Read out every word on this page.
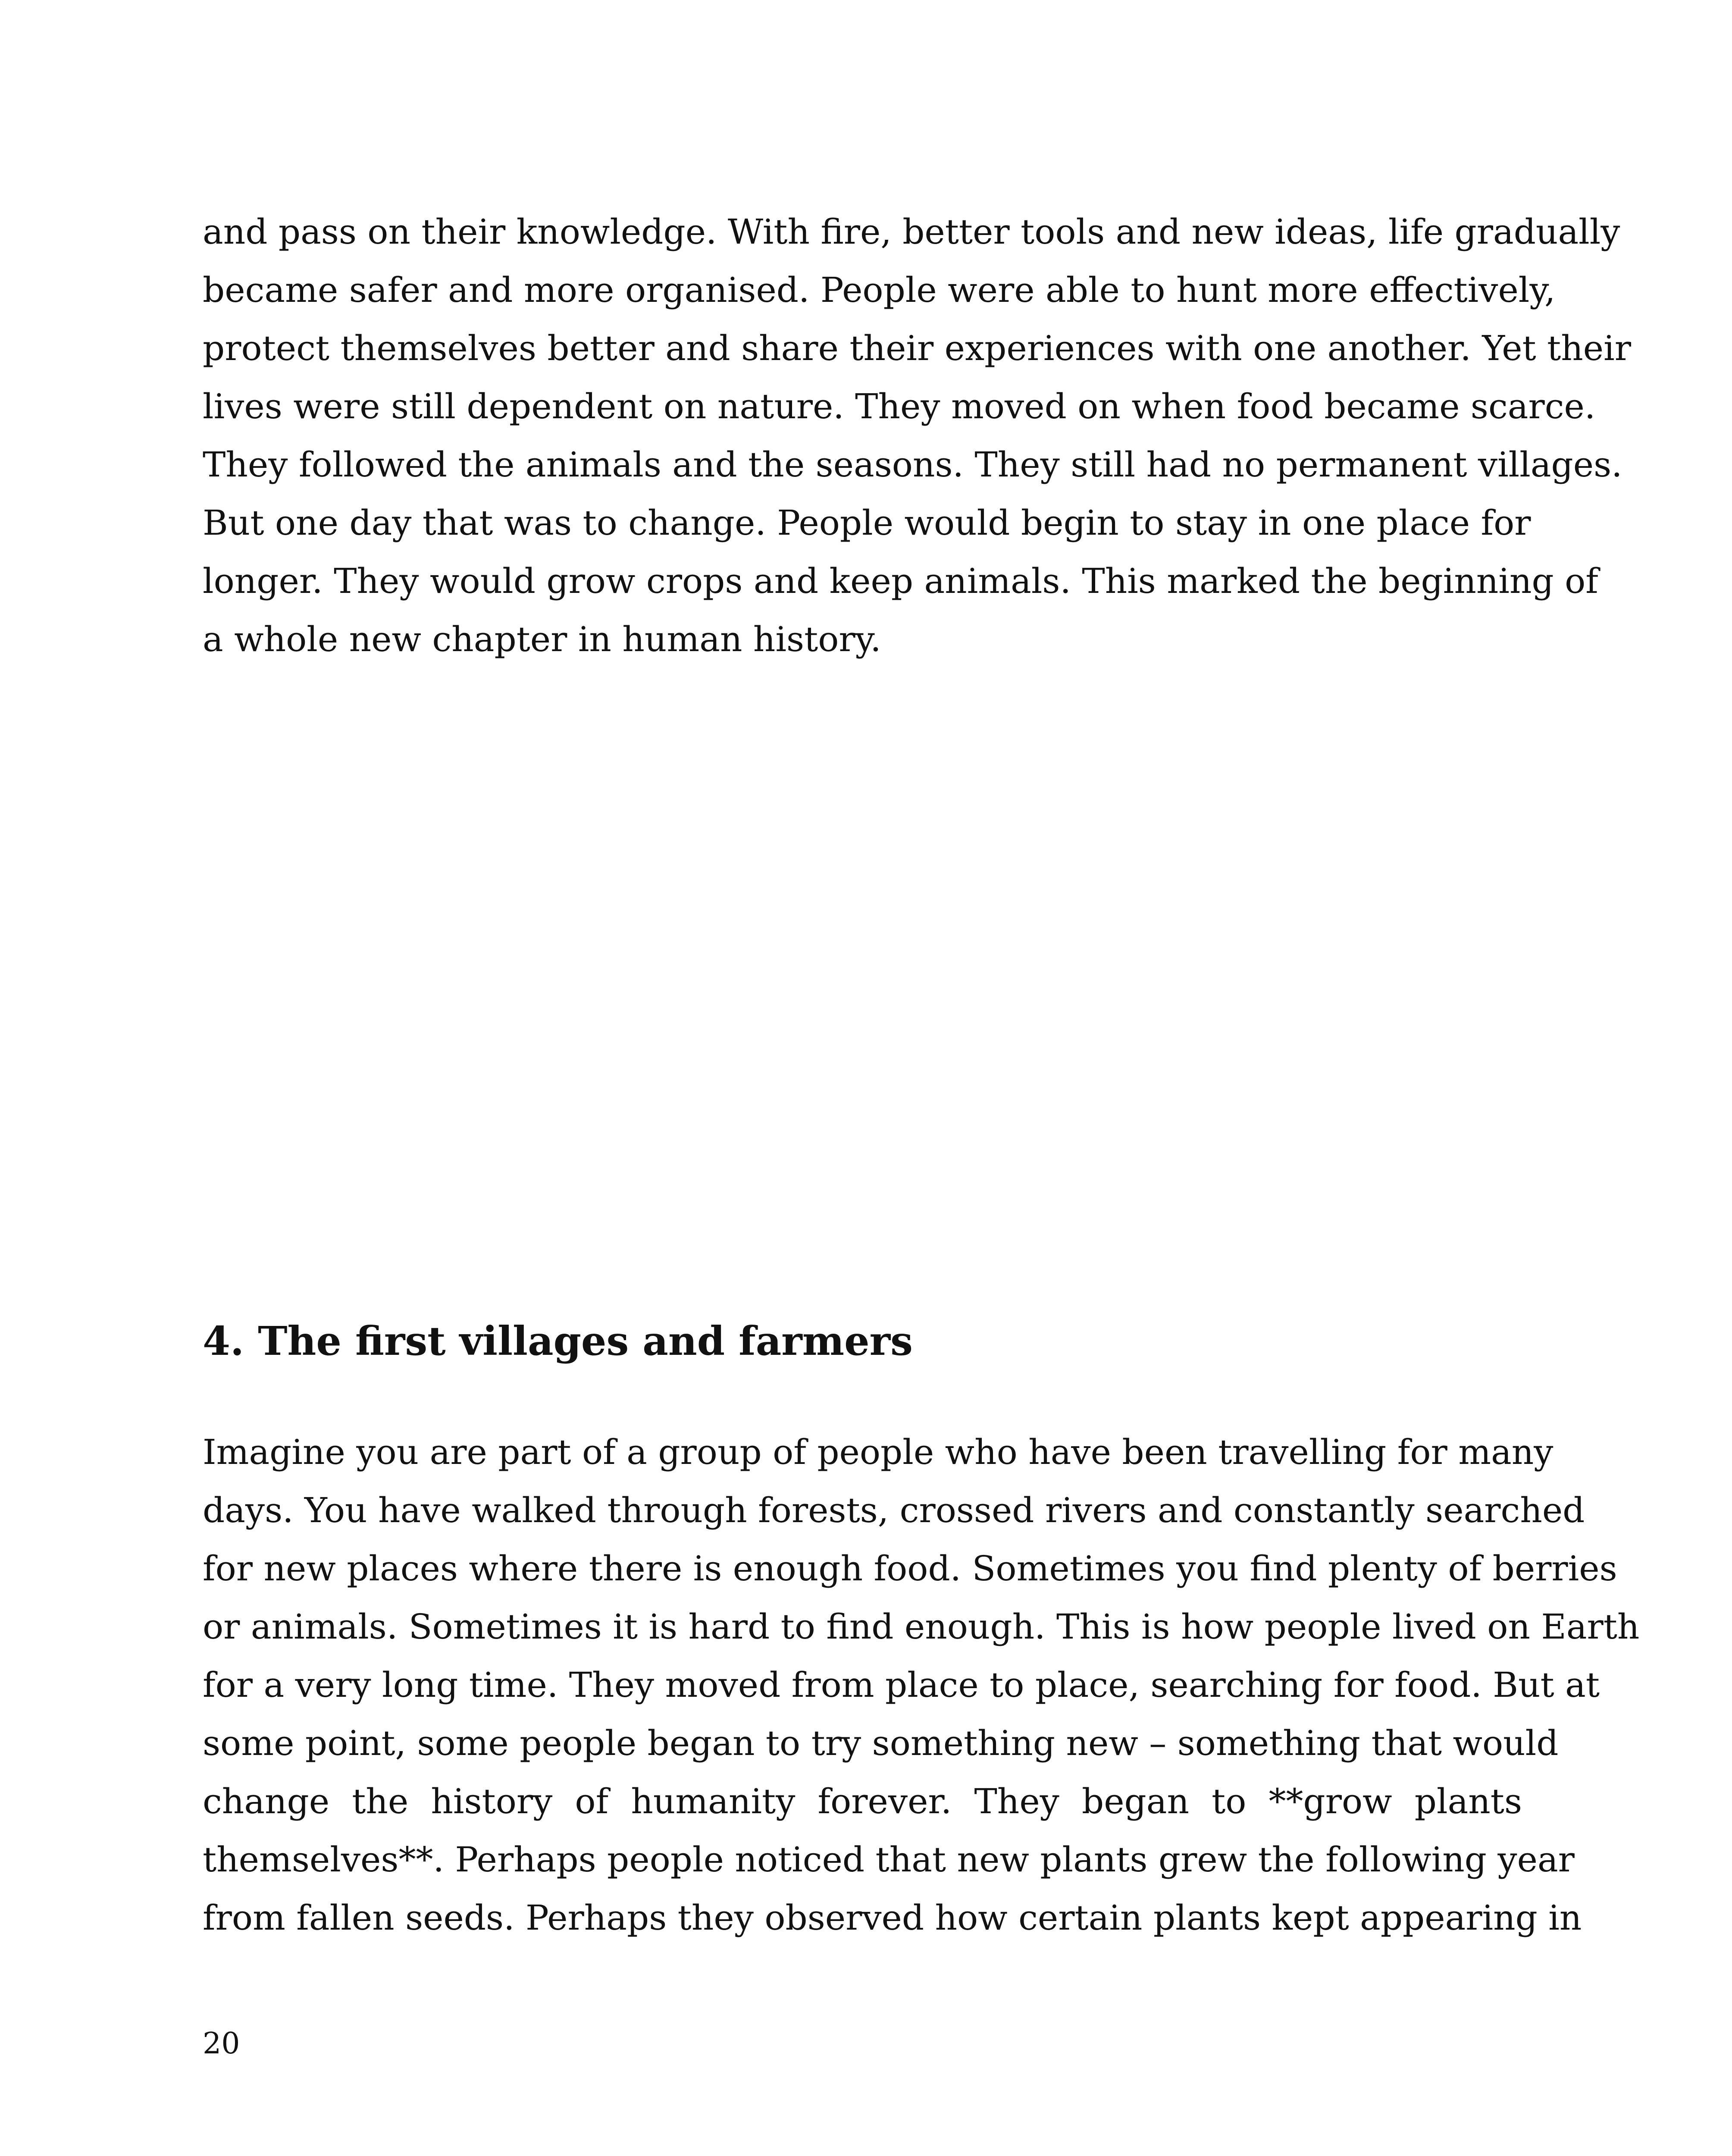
and pass on their knowledge. With fire, better tools and new ideas, life gradually
became safer and more organised. People were able to hunt more effectively,
protect themselves better and share their experiences with one another. Yet their
lives were still dependent on nature. They moved on when food became scarce.
They followed the animals and the seasons. They still had no permanent villages.
But one day that was to change. People would begin to stay in one place for
longer. They would grow crops and keep animals. This marked the beginning of
a whole new chapter in human history.
4. The first villages and farmers
Imagine you are part of a group of people who have been travelling for many
days. You have walked through forests, crossed rivers and constantly searched
for new places where there is enough food. Sometimes you find plenty of berries
or animals. Sometimes it is hard to find enough. This is how people lived on Earth
for a very long time. They moved from place to place, searching for food. But at
some point, some people began to try something new – something that would
change the history of humanity forever. They began to **grow plants
themselves**. Perhaps people noticed that new plants grew the following year
from fallen seeds. Perhaps they observed how certain plants kept appearing in

20
